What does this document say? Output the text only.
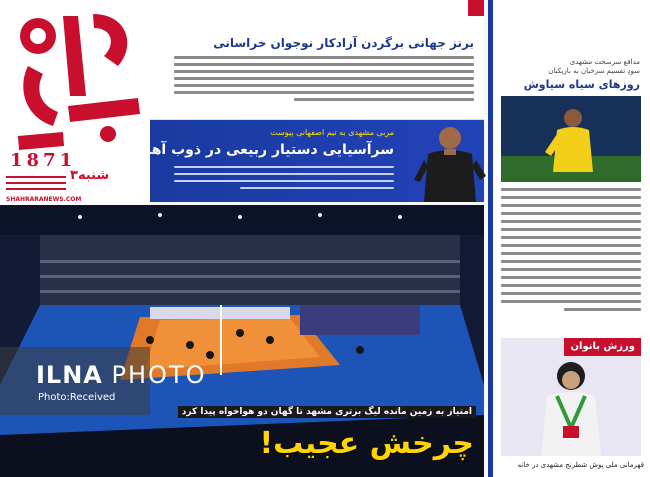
1871
۳شنبه
SHAHRARANEWS.COM
برنز جهانی برگردن آزادکار نوجوان خراسانی
مربی مشهدی به تیم اصفهانی پیوست
سرآسیایی دستیار ربیعی در ذوب آهن
ILNA PHOTO
Photo:Received
امتیاز به زمین مانده لیگ برتری مشهد تا گهان دو هواخواه پیدا کرد
چرخش عجیب!
مدافع سرسخت مشهدی
سودِ تقسیم سرخیان به بازیکنان
روزهای سیاه سیاوش
ورزش بانوان
قهرمانی ملی پوش شطرنج مشهدی در خانه
